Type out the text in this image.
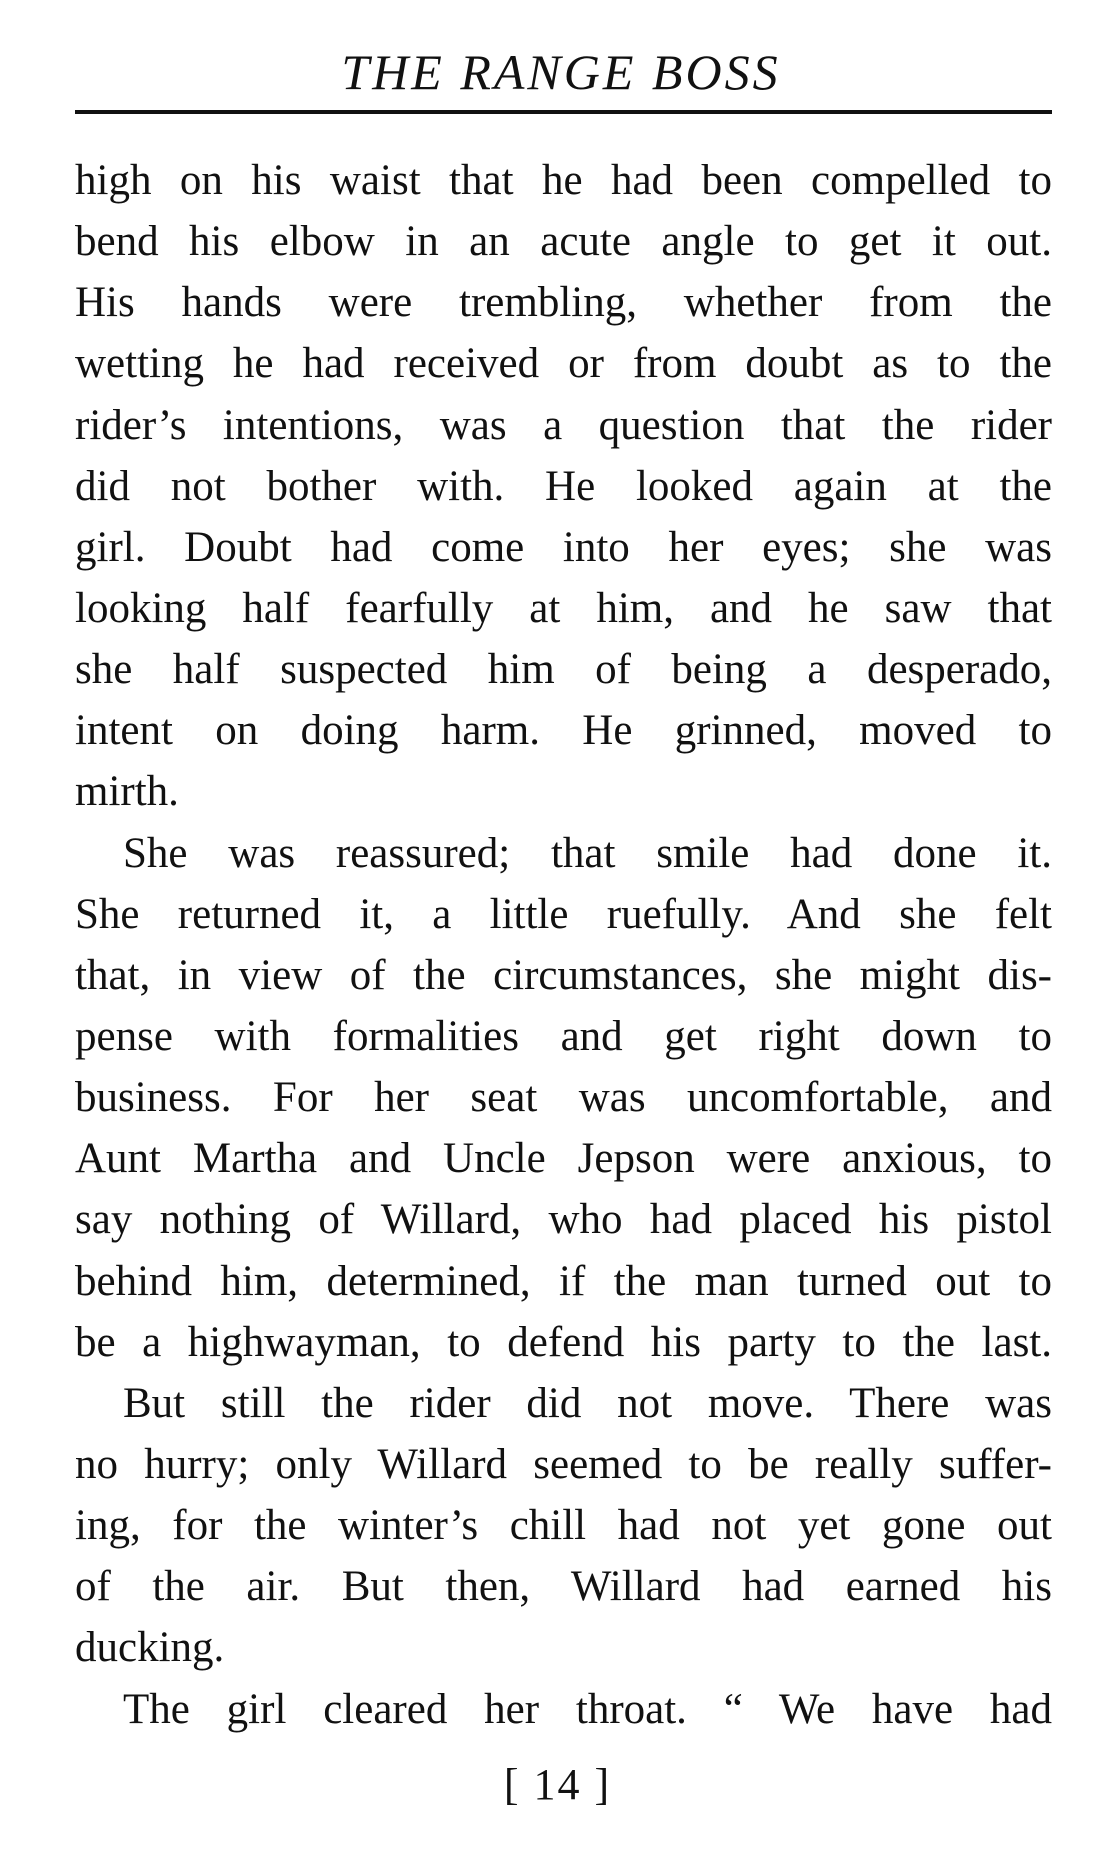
THE RANGE BOSS
high on his waist that he had been compelled to
bend his elbow in an acute angle to get it out.
His hands were trembling, whether from the
wetting he had received or from doubt as to the
rider’s intentions, was a question that the rider
did not bother with. He looked again at the
girl. Doubt had come into her eyes; she was
looking half fearfully at him, and he saw that
she half suspected him of being a desperado,
intent on doing harm. He grinned, moved to
mirth.
She was reassured; that smile had done it.
She returned it, a little ruefully. And she felt
that, in view of the circumstances, she might dis-
pense with formalities and get right down to
business. For her seat was uncomfortable, and
Aunt Martha and Uncle Jepson were anxious, to
say nothing of Willard, who had placed his pistol
behind him, determined, if the man turned out to
be a highwayman, to defend his party to the last.
But still the rider did not move. There was
no hurry; only Willard seemed to be really suffer-
ing, for the winter’s chill had not yet gone out
of the air. But then, Willard had earned his
ducking.
The girl cleared her throat. “ We have had
[ 14 ]
